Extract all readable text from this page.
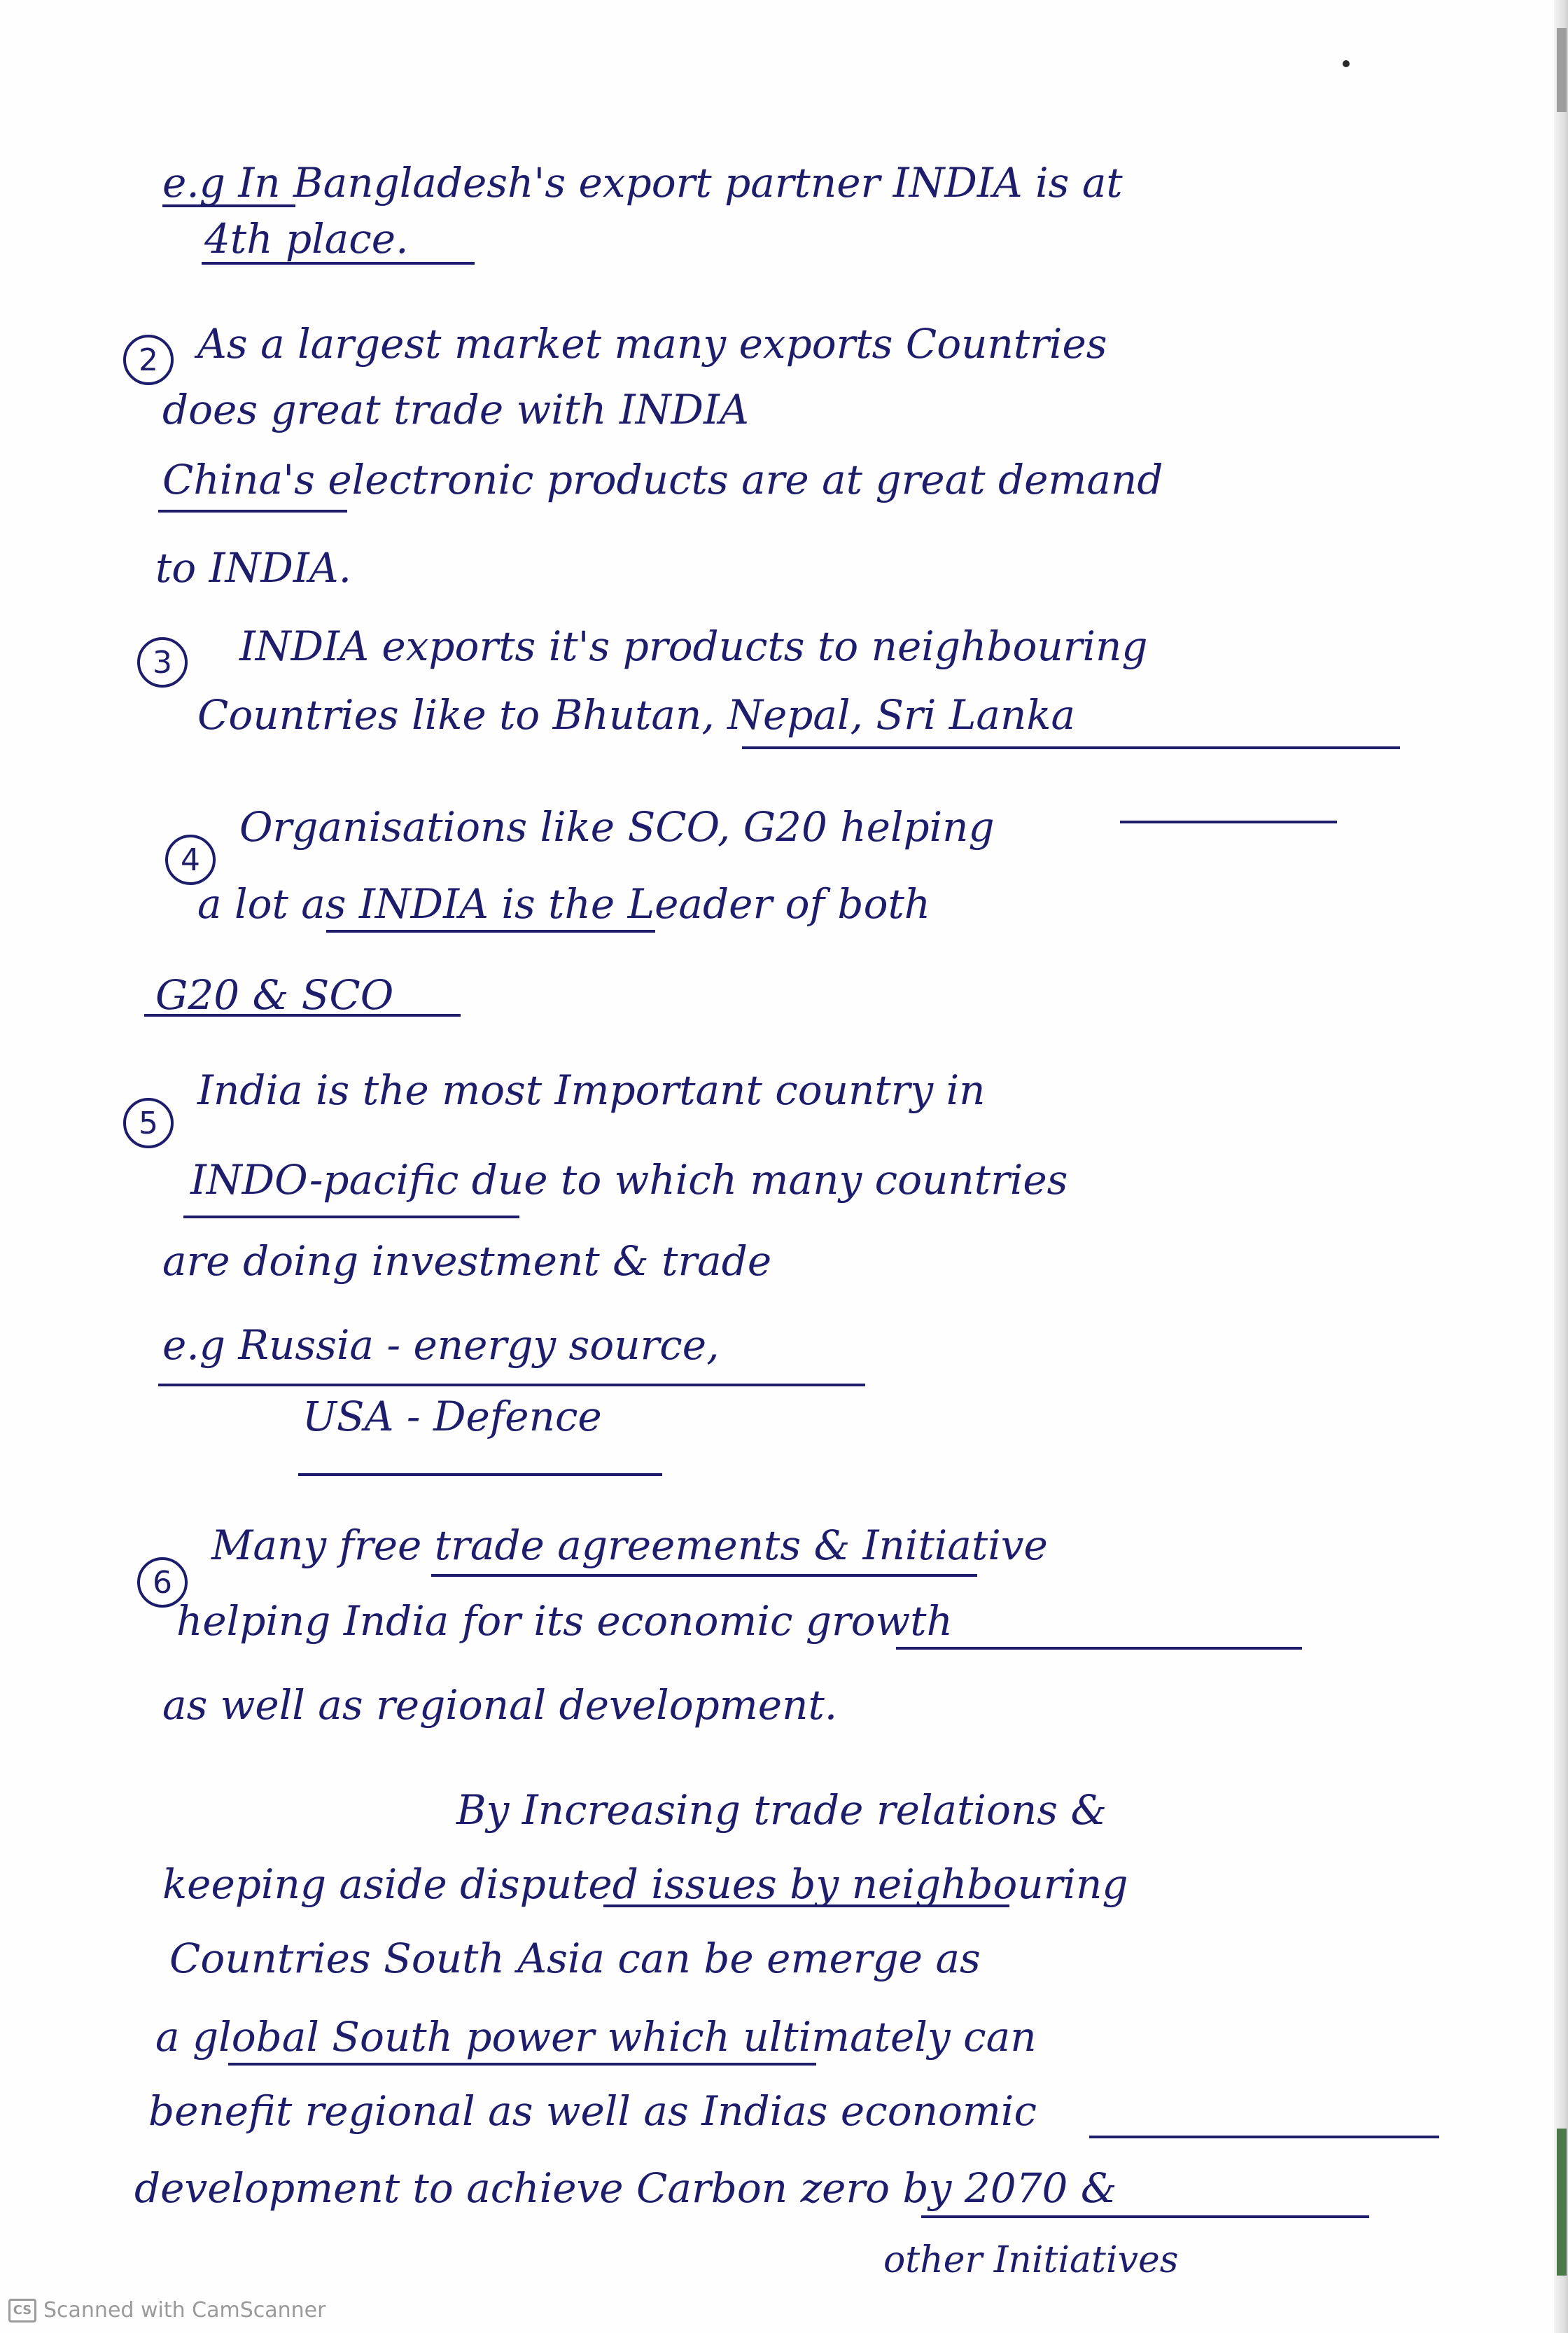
e.g In Bangladesh's export partner INDIA is at

4th place.

2 As a largest market many exports Countries

does great trade with INDIA

China's electronic products are at great demand

to INDIA.

3	INDIA exports it's products to neighbouring

Countries like to Bhutan, Nepal, Sri Lanka

4

Organisations like SCO, G20 helping

a lot as INDIA is the Leader of both

G20 & SCO

5

India is the most Important country in

INDO-pacific due to which many countries

are doing investment & trade

e.g Russia - energy source,

USA - Defence

6

Many free trade agreements & Initiative

helping India for its economic growth

as well as regional development.

By Increasing trade relations &

keeping aside disputed issues by neighbouring

Countries South Asia can be emerge as

a global South power which ultimately can

benefit regional as well as Indias economic

development to achieve Carbon zero by 2070 &

other Initiatives

CS Scanned with CamScanner
